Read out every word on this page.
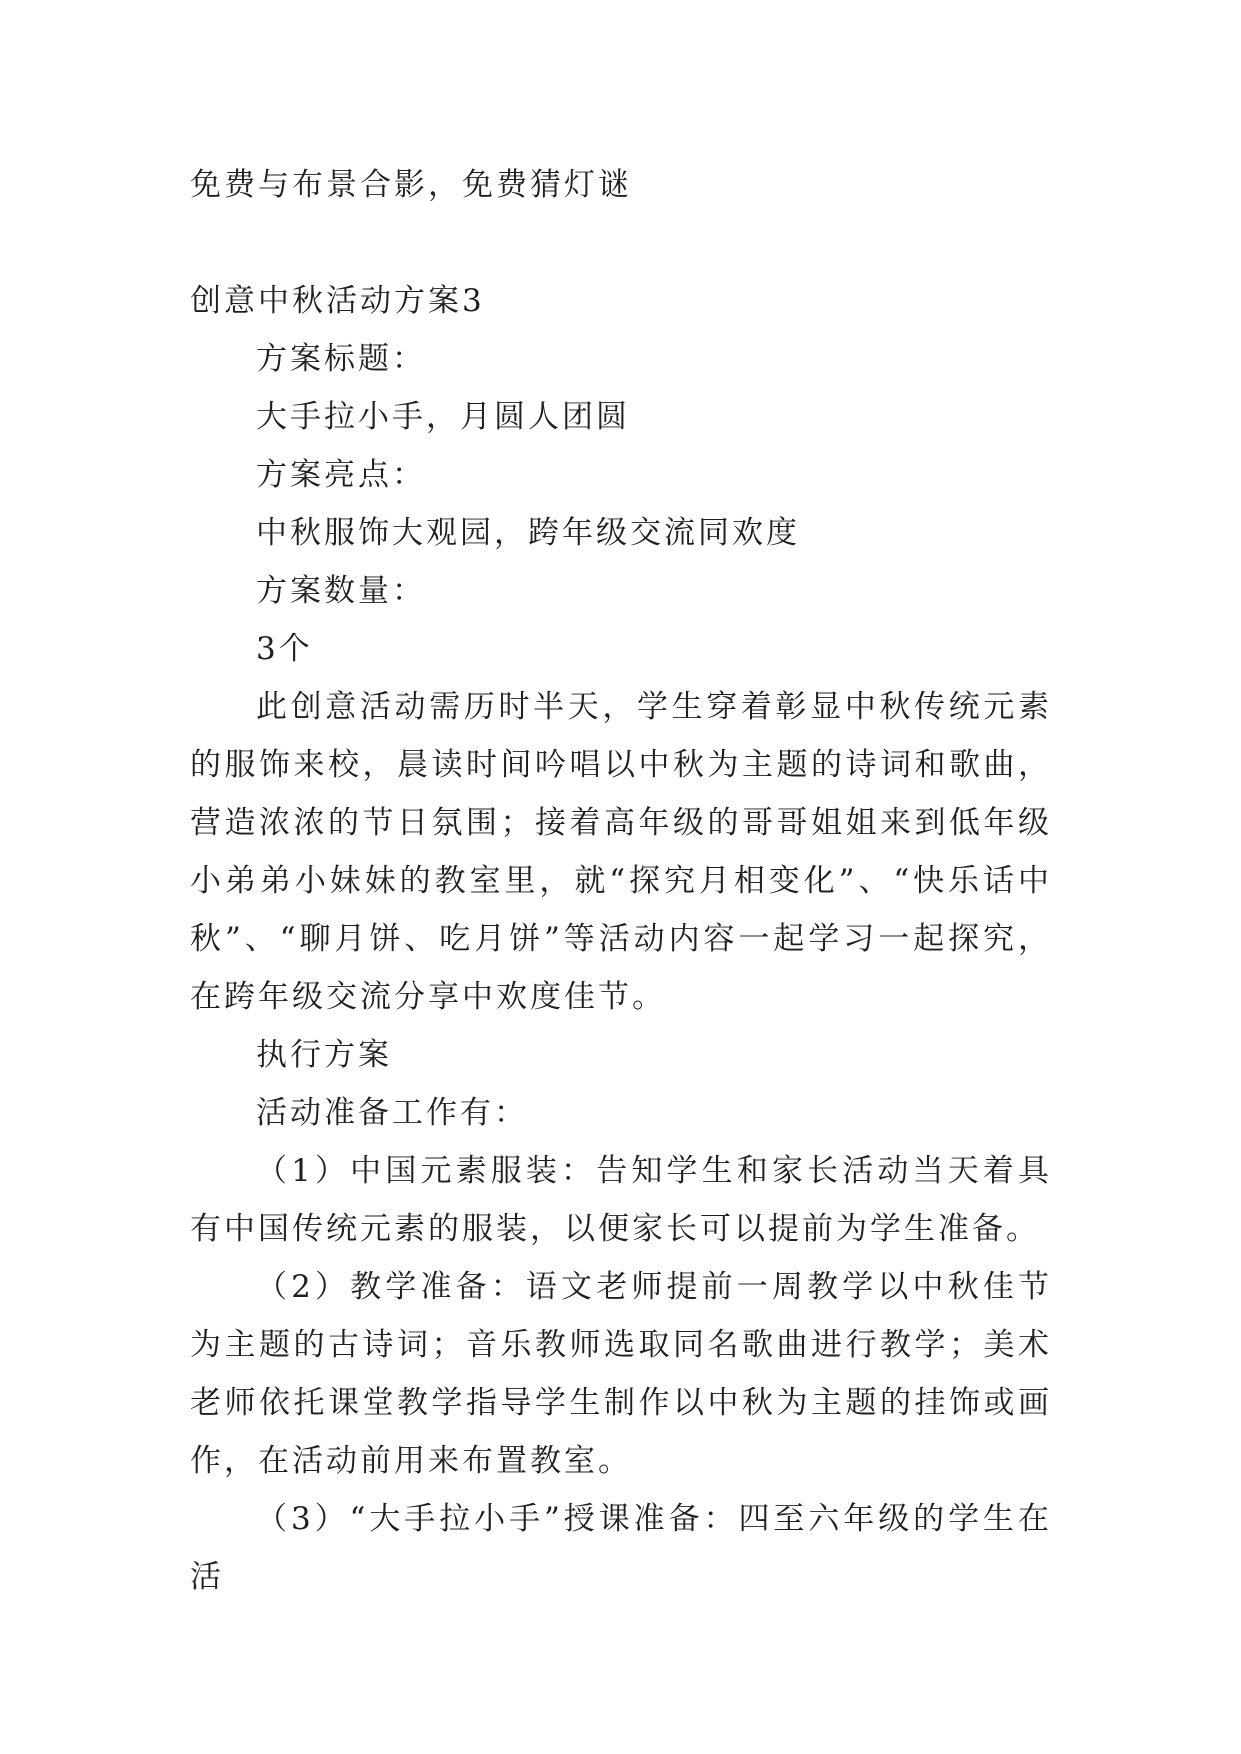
免费与布景合影，免费猜灯谜

创意中秋活动方案3

方案标题：

大手拉小手，月圆人团圆

方案亮点：

中秋服饰大观园，跨年级交流同欢度

方案数量：

3个

此创意活动需历时半天，学生穿着彰显中秋传统元素的服饰来校，晨读时间吟唱以中秋为主题的诗词和歌曲，营造浓浓的节日氛围；接着高年级的哥哥姐姐来到低年级小弟弟小妹妹的教室里，就“探究月相变化”、“快乐话中秋”、“聊月饼、吃月饼”等活动内容一起学习一起探究，在跨年级交流分享中欢度佳节。

执行方案

活动准备工作有：

（1）中国元素服装：告知学生和家长活动当天着具有中国传统元素的服装，以便家长可以提前为学生准备。

（2）教学准备：语文老师提前一周教学以中秋佳节为主题的古诗词；音乐教师选取同名歌曲进行教学；美术老师依托课堂教学指导学生制作以中秋为主题的挂饰或画作，在活动前用来布置教室。

（3）“大手拉小手”授课准备：四至六年级的学生在活
